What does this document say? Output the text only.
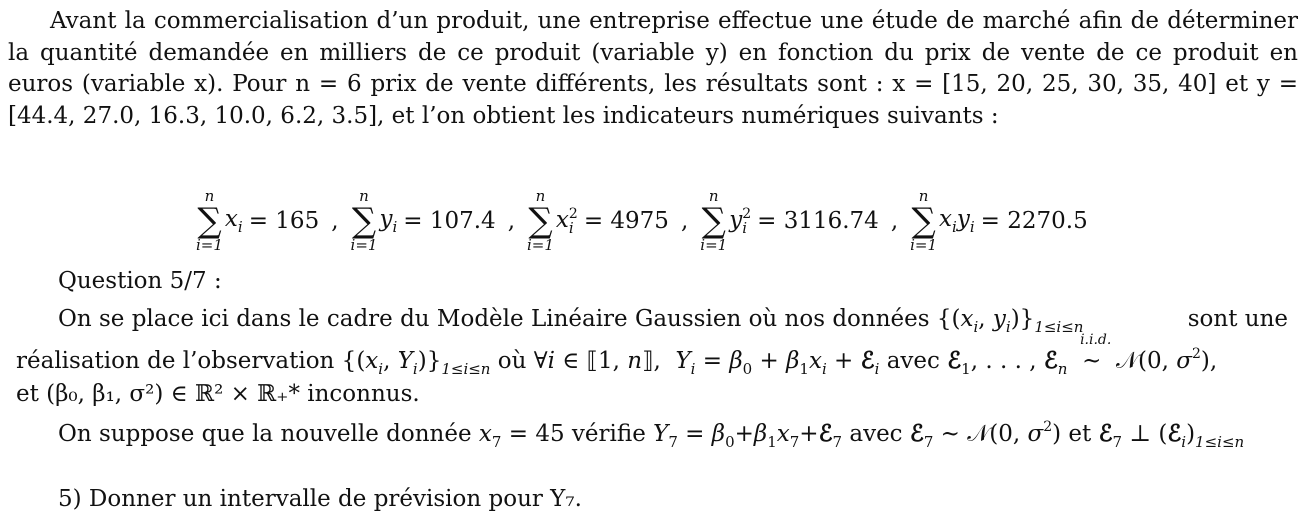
Avant la commercialisation d’un produit, une entreprise effectue une étude de marché afin de déterminer la quantité demandée en milliers de ce produit (variable y) en fonction du prix de vente de ce produit en euros (variable x). Pour n = 6 prix de vente différents, les résultats sont : x = [15, 20, 25, 30, 35, 40] et y = [44.4, 27.0, 16.3, 10.0, 6.2, 3.5], et l’on obtient les indicateurs numériques suivants :

n
∑
i=1
$x_i = 165$ ,
n
∑
i=1
$y_i = 107.4$ ,
n
∑
i=1
x 2
i = 4975 ,
n
∑
i=1
y 2
i = 3116.74 ,
n
∑
i=1
$x_iy_i = 2270.5$
Question 5/7 :
On se place ici dans le cadre du Modèle Linéaire Gaussien où nos données {($x_i$, $y_i)\}_{1\le i\le n}$	sont une
réalisation de l’observation {($x_i$, $Y_i)\}_{1\le i\le n}$ où ∀i ∈ ⟦1, n⟧,  $Y_i = \beta_0 + \beta_1x_i$ + ℰ$_i$ avec ℰ$_1$, . . . , ℰ$_n$ ~
i.i.d.
𝒩(0, $\sigma^2$),
et (β₀, β₁, σ²) ∈ ℝ² × ℝ₊* inconnus.
On suppose que la nouvelle donnée $x_7 = 45$ vérifie $Y_7$ = $\beta_0+\beta_1x_7+ℰ_7$ avec ℰ$_7$ ~ 𝒩(0, $\sigma^2$) et ℰ$_7$ ⊥ $(ℰ_i)_{1\le i\le n}$
5) Donner un intervalle de prévision pour Y₇.
